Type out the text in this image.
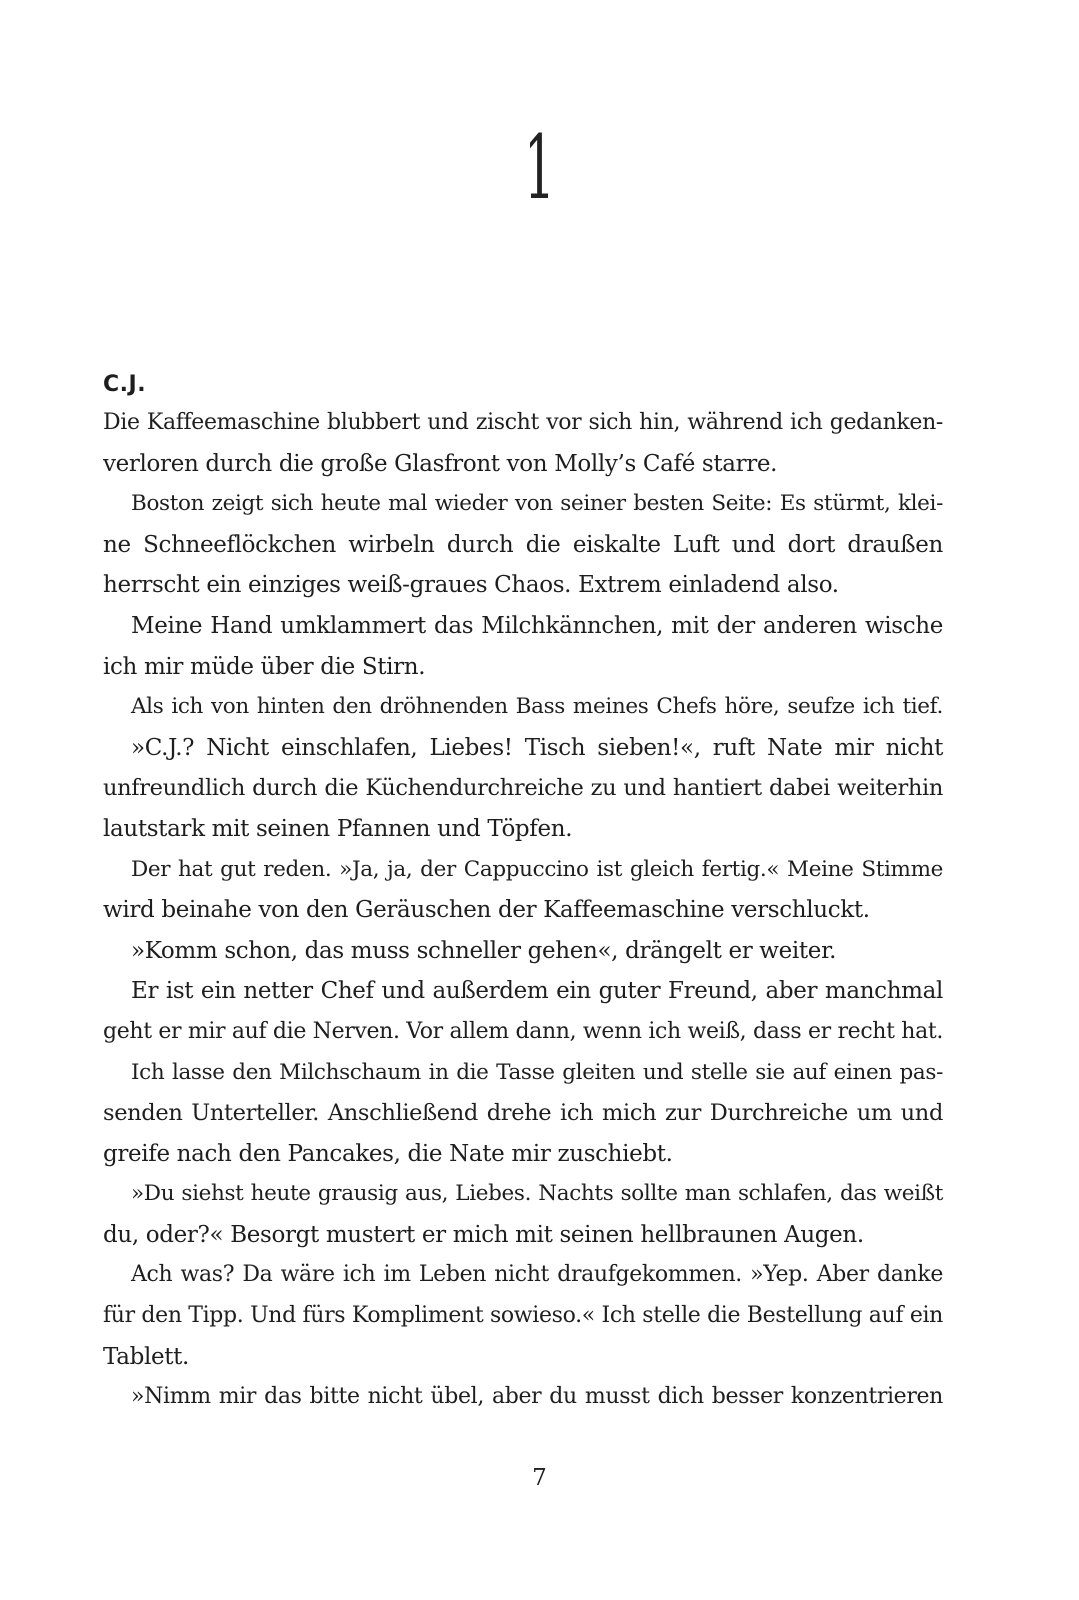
1
C.J.
Die Kaffeemaschine blubbert und zischt vor sich hin, während ich gedanken-
verloren durch die große Glasfront von Molly’s Café starre.
Boston zeigt sich heute mal wieder von seiner besten Seite: Es stürmt, klei-
ne Schneeflöckchen wirbeln durch die eiskalte Luft und dort draußen
herrscht ein einziges weiß-graues Chaos. Extrem einladend also.
Meine Hand umklammert das Milchkännchen, mit der anderen wische
ich mir müde über die Stirn.
Als ich von hinten den dröhnenden Bass meines Chefs höre, seufze ich tief.
»C.J.? Nicht einschlafen, Liebes! Tisch sieben!«, ruft Nate mir nicht
unfreundlich durch die Küchendurchreiche zu und hantiert dabei weiterhin
lautstark mit seinen Pfannen und Töpfen.
Der hat gut reden. »Ja, ja, der Cappuccino ist gleich fertig.« Meine Stimme
wird beinahe von den Geräuschen der Kaffeemaschine verschluckt.
»Komm schon, das muss schneller gehen«, drängelt er weiter.
Er ist ein netter Chef und außerdem ein guter Freund, aber manchmal
geht er mir auf die Nerven. Vor allem dann, wenn ich weiß, dass er recht hat.
Ich lasse den Milchschaum in die Tasse gleiten und stelle sie auf einen pas-
senden Unterteller. Anschließend drehe ich mich zur Durchreiche um und
greife nach den Pancakes, die Nate mir zuschiebt.
»Du siehst heute grausig aus, Liebes. Nachts sollte man schlafen, das weißt
du, oder?« Besorgt mustert er mich mit seinen hellbraunen Augen.
Ach was? Da wäre ich im Leben nicht draufgekommen. »Yep. Aber danke
für den Tipp. Und fürs Kompliment sowieso.« Ich stelle die Bestellung auf ein
Tablett.
»Nimm mir das bitte nicht übel, aber du musst dich besser konzentrieren
7
